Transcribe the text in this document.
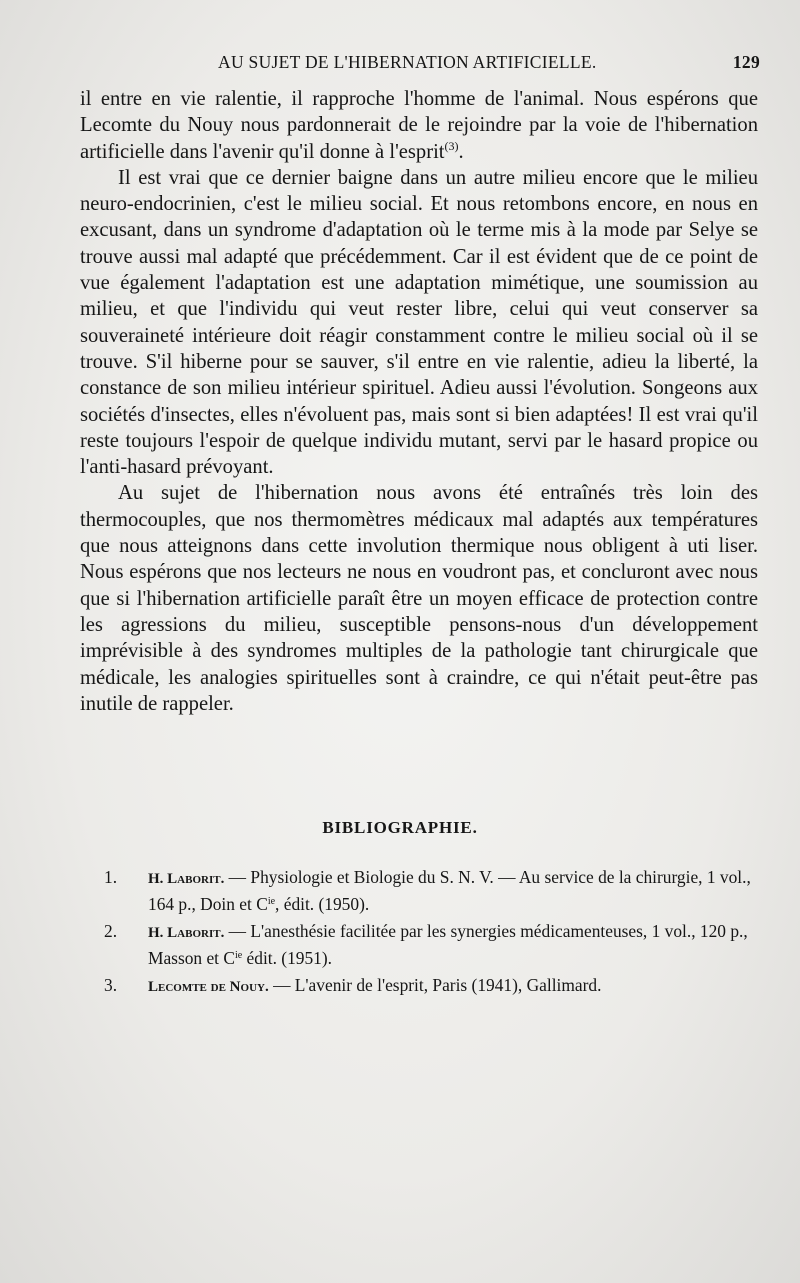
AU SUJET DE L'HIBERNATION ARTIFICIELLE.	129

il entre en vie ralentie, il rapproche l'homme de l'animal. Nous espérons que Lecomte du Nouy nous pardonnerait de le rejoindre par la voie de l'hibernation artificielle dans l'avenir qu'il donne à l'esprit$^{(3)}$.

Il est vrai que ce dernier baigne dans un autre milieu encore que le milieu neuro-endocrinien, c'est le milieu social. Et nous retombons encore, en nous en excusant, dans un syndrome d'adaptation où le terme mis à la mode par Selye se trouve aussi mal adapté que précédemment. Car il est évident que de ce point de vue également l'adaptation est une adaptation mimétique, une soumission au milieu, et que l'individu qui veut rester libre, celui qui veut conserver sa souveraineté intérieure doit réagir constamment contre le milieu social où il se trouve. S'il hiberne pour se sauver, s'il entre en vie ralentie, adieu la liberté, la constance de son milieu intérieur spirituel. Adieu aussi l'évolution. Songeons aux sociétés d'insectes, elles n'évoluent pas, mais sont si bien adaptées! Il est vrai qu'il reste toujours l'espoir de quelque individu mutant, servi par le hasard propice ou l'anti-hasard prévoyant.

Au sujet de l'hibernation nous avons été entraînés très loin des thermocouples, que nos thermomètres médicaux mal adaptés aux températures que nous atteignons dans cette involution thermique nous obligent à uti liser. Nous espérons que nos lecteurs ne nous en voudront pas, et concluront avec nous que si l'hibernation artificielle paraît être un moyen efficace de protection contre les agressions du milieu, susceptible pensons-nous d'un développement imprévisible à des syndromes multiples de la pathologie tant chirurgicale que médicale, les analogies spirituelles sont à craindre, ce qui n'était peut-être pas inutile de rappeler.

BIBLIOGRAPHIE.
1. H. Laborit. — Physiologie et Biologie du S. N. V. — Au service de la chirurgie, 1 vol., 164 p., Doin et $C^{ie}$, édit. (1950).
2. H. Laborit. — L'anesthésie facilitée par les synergies médicamenteuses, 1 vol., 120 p., Masson et $C^{ie}$ édit. (1951).
3. Lecomte de Nouy. — L'avenir de l'esprit, Paris (1941), Gallimard.
